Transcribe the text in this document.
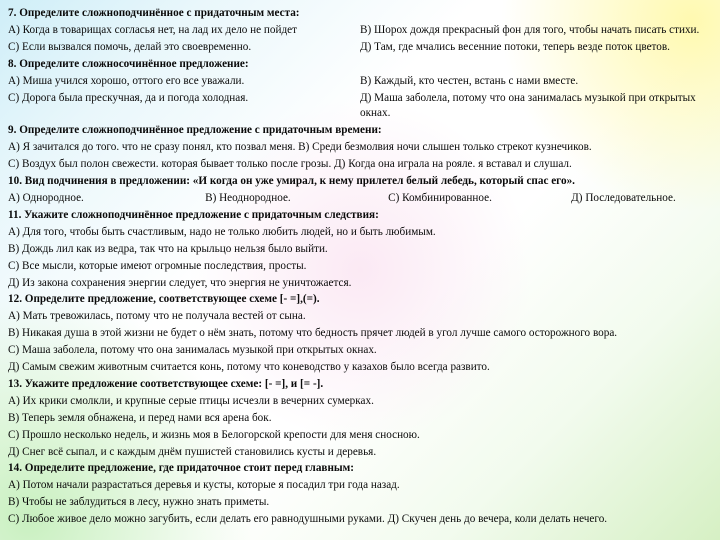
7. Определите сложноподчинённое с придаточным места:

А) Когда в товарищах согласья нет, на лад их дело не пойдет	В) Шорох дождя прекрасный фон для того, чтобы начать писать стихи.
С) Если вызвался помочь, делай это своевременно.	Д) Там, где мчались весенние потоки, теперь везде поток цветов.

8. Определите сложносочинённое предложение:

А) Миша учился хорошо, оттого его все уважали.	В) Каждый, кто честен, встань с нами вместе.
С) Дорога была прескучная, да и погода холодная.	Д) Маша заболела, потому что она занималась музыкой при открытых окнах.

9. Определите сложноподчинённое предложение с придаточным времени:

А) Я зачитался до того. что не сразу понял, кто позвал меня. В) Среди безмолвия ночи слышен только стрекот кузнечиков.

С) Воздух был полон свежести. которая бывает только после грозы. Д) Когда она играла на рояле. я вставал и слушал.

10. Вид подчинения в предложении: «И когда он уже умирал, к нему прилетел белый лебедь, который спас его».

А) Однородное.	В) Неоднородное.	С) Комбинированное.	Д) Последовательное.

11. Укажите сложноподчинённое предложение с придаточным следствия:

А) Для того, чтобы быть счастливым, надо не только любить людей, но и быть любимым.

В) Дождь лил как из ведра, так что на крыльцо нельзя было выйти.

С) Все мысли, которые имеют огромные последствия, просты.

Д) Из закона сохранения энергии следует, что энергия не уничтожается.

12. Определите предложение, соответствующее схеме [- =],(=).

А) Мать тревожилась, потому что не получала вестей от сына.

В) Никакая душа в этой жизни не будет о нём знать, потому что бедность прячет людей в угол лучше самого осторожного вора.

С) Маша заболела, потому что она занималась музыкой при открытых окнах.

Д) Самым свежим животным считается конь, потому что коневодство у казахов было всегда развито.

13. Укажите предложение соответствующее схеме: [- =], и [= -].

А) Их крики смолкли, и крупные серые птицы исчезли в вечерних сумерках.

В) Теперь земля обнажена, и перед нами вся арена бок.

С) Прошло несколько недель, и жизнь моя в Белогорской крепости для меня сносною.

Д) Снег всё сыпал, и с каждым днём пушистей становились кусты и деревья.

14. Определите предложение, где придаточное стоит перед главным:

А) Потом начали разрастаться деревья и кусты, которые я посадил три года назад.

В) Чтобы не заблудиться в лесу, нужно знать приметы.

С) Любое живое дело можно загубить, если делать его равнодушными руками. Д) Скучен день до вечера, коли делать нечего.
